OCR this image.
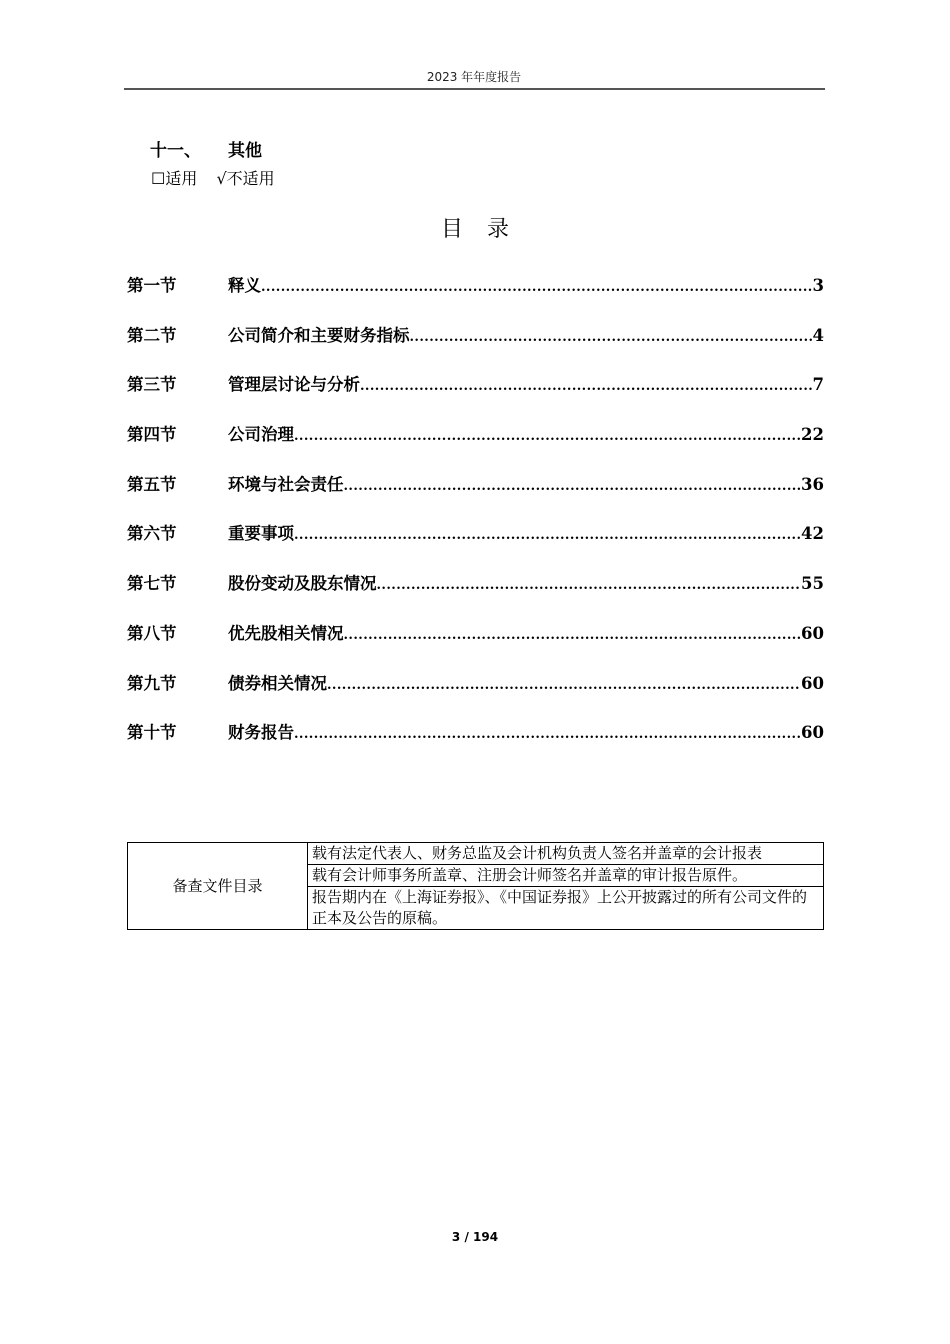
2023 年年度报告
十一、 其他
☐适用 √不适用
目 录
第一节	释义 .....	3
第二节	公司简介和主要财务指标 .....	4
第三节	管理层讨论与分析 .....	7
第四节	公司治理 .....	22
第五节	环境与社会责任 .....	36
第六节	重要事项 .....	42
第七节	股份变动及股东情况 .....	55
第八节	优先股相关情况 .....	60
第九节	债券相关情况 .....	60
第十节	财务报告 .....	60
备查文件目录	载有法定代表人、财务总监及会计机构负责人签名并盖章的会计报表
载有会计师事务所盖章、注册会计师签名并盖章的审计报告原件。
报告期内在《上海证券报》、《中国证券报》上公开披露过的所有公司文件的正本及公告的原稿。
3 / 194
